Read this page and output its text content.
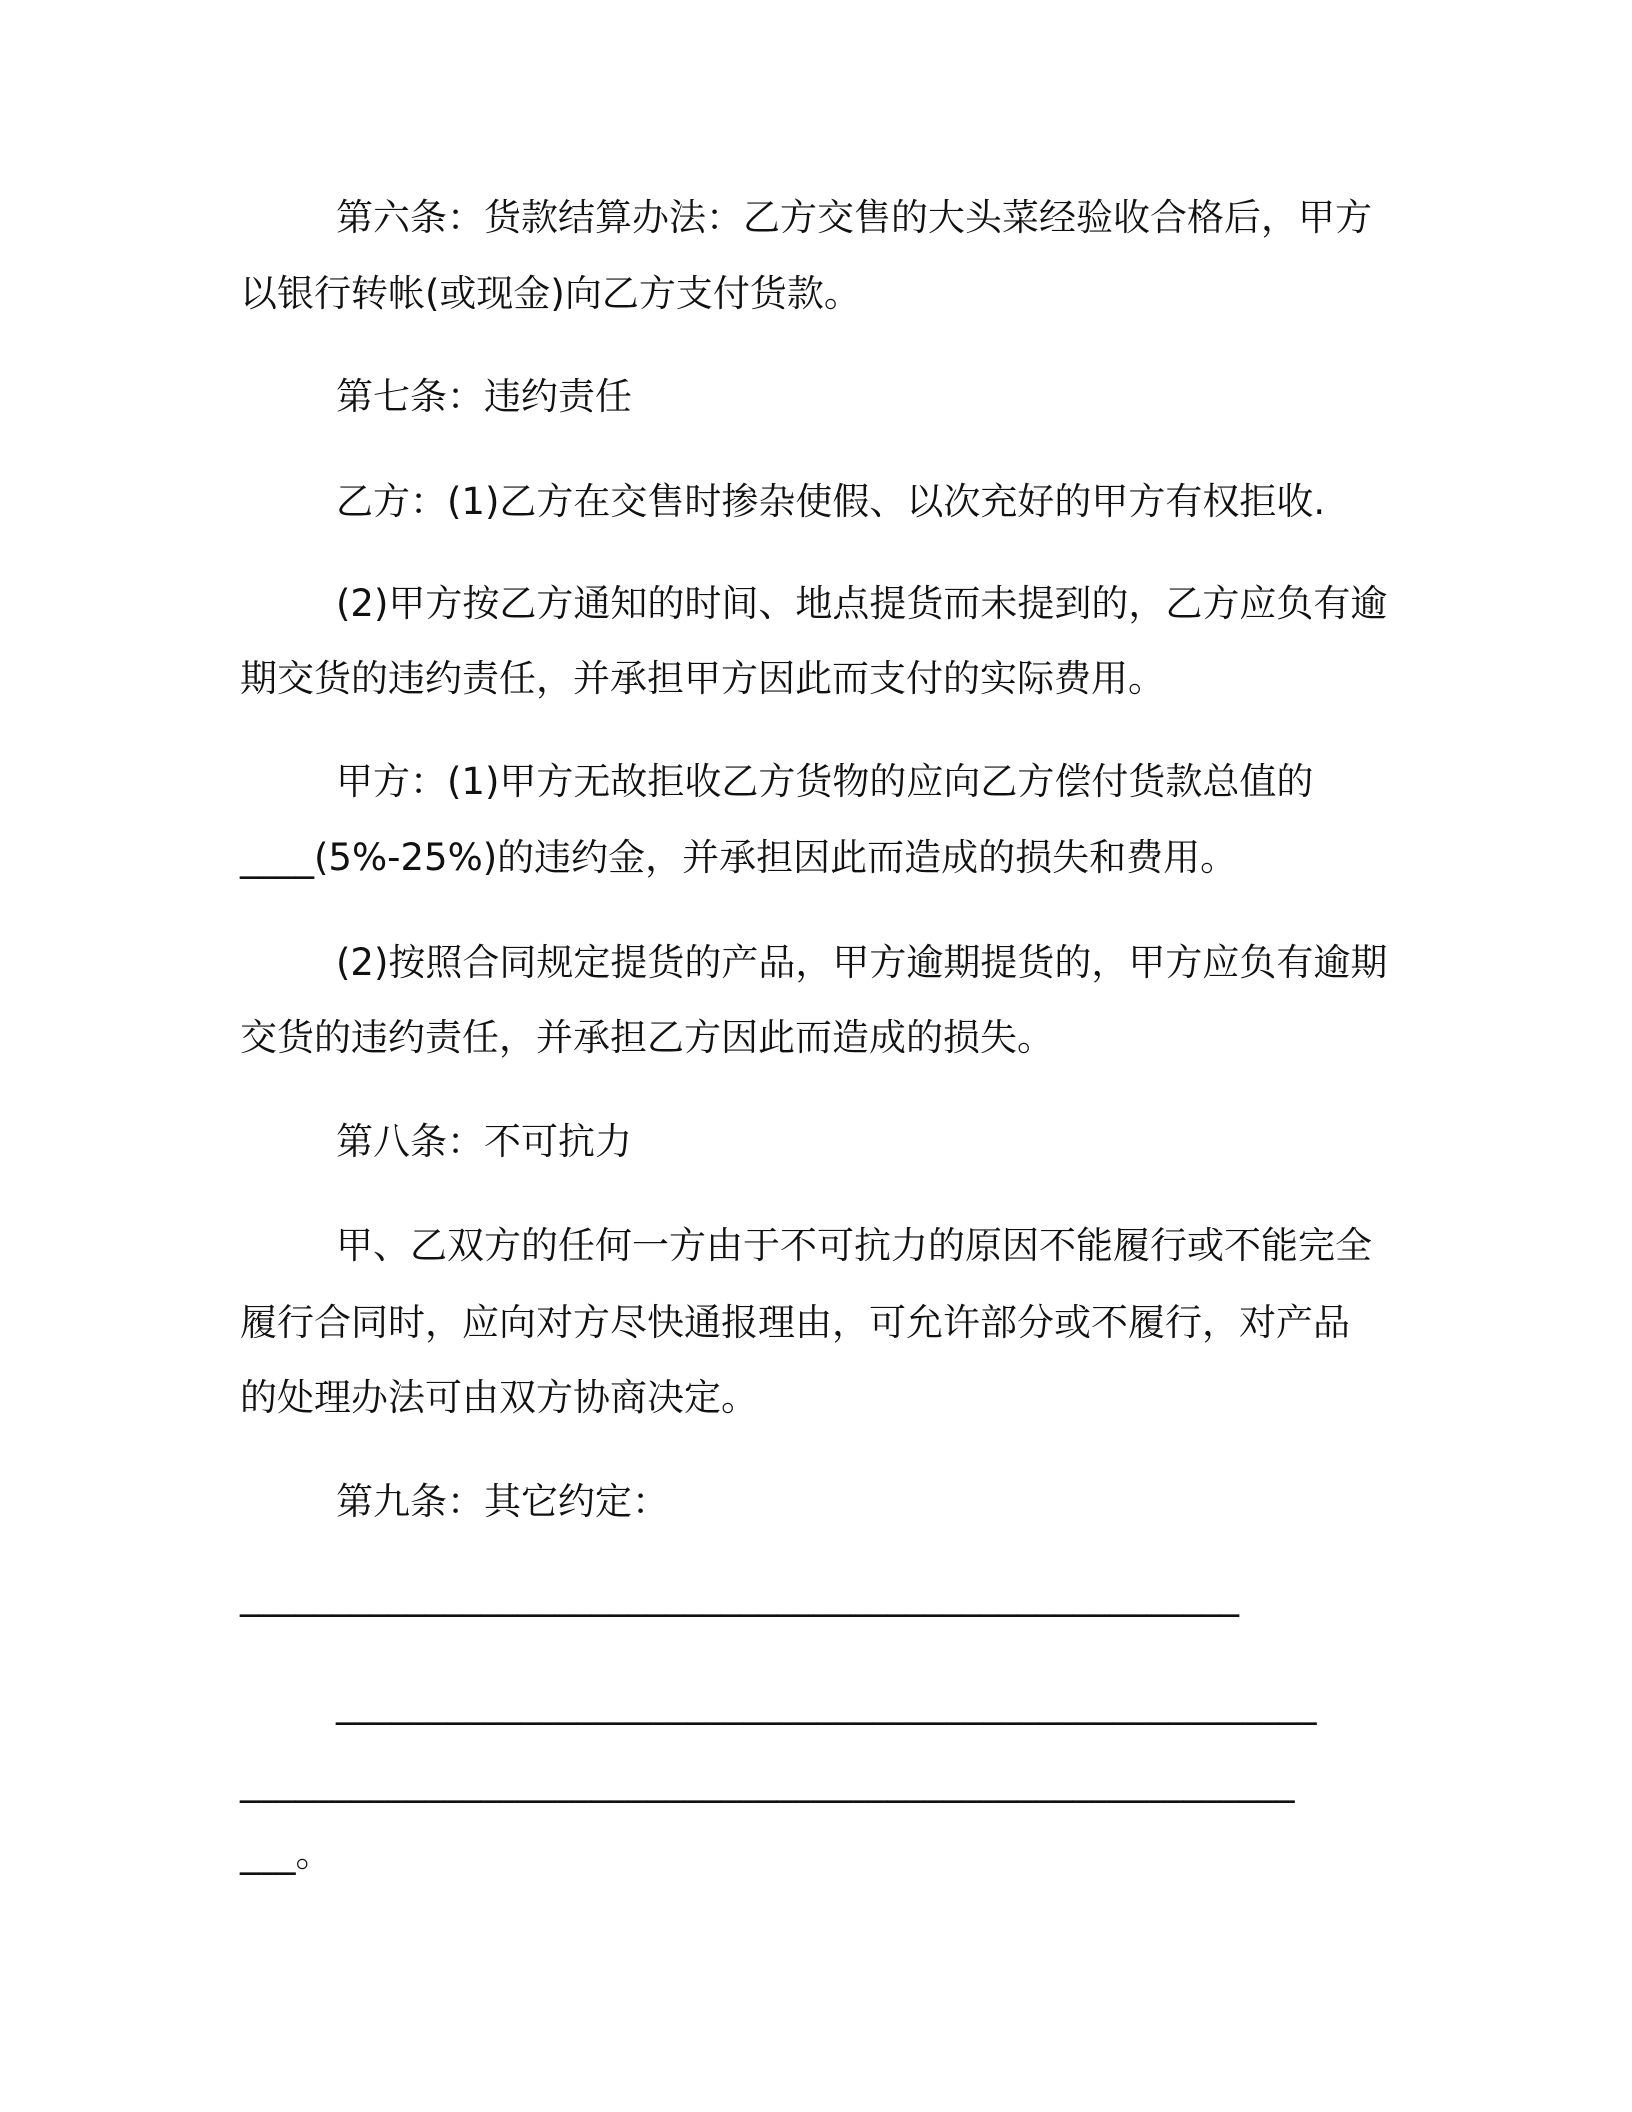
第六条：货款结算办法：乙方交售的大头菜经验收合格后，甲方

以银行转帐(或现金)向乙方支付货款。

第七条：违约责任

乙方：(1)乙方在交售时掺杂使假、以次充好的甲方有权拒收.

(2)甲方按乙方通知的时间、地点提货而未提到的，乙方应负有逾

期交货的违约责任，并承担甲方因此而支付的实际费用。

甲方：(1)甲方无故拒收乙方货物的应向乙方偿付货款总值的

____(5%-25%)的违约金，并承担因此而造成的损失和费用。

(2)按照合同规定提货的产品，甲方逾期提货的，甲方应负有逾期

交货的违约责任，并承担乙方因此而造成的损失。

第八条：不可抗力

甲、乙双方的任何一方由于不可抗力的原因不能履行或不能完全

履行合同时，应向对方尽快通报理由，可允许部分或不履行，对产品

的处理办法可由双方协商决定。

第九条：其它约定：

______________________________________________________

_____________________________________________________

_________________________________________________________

___。
